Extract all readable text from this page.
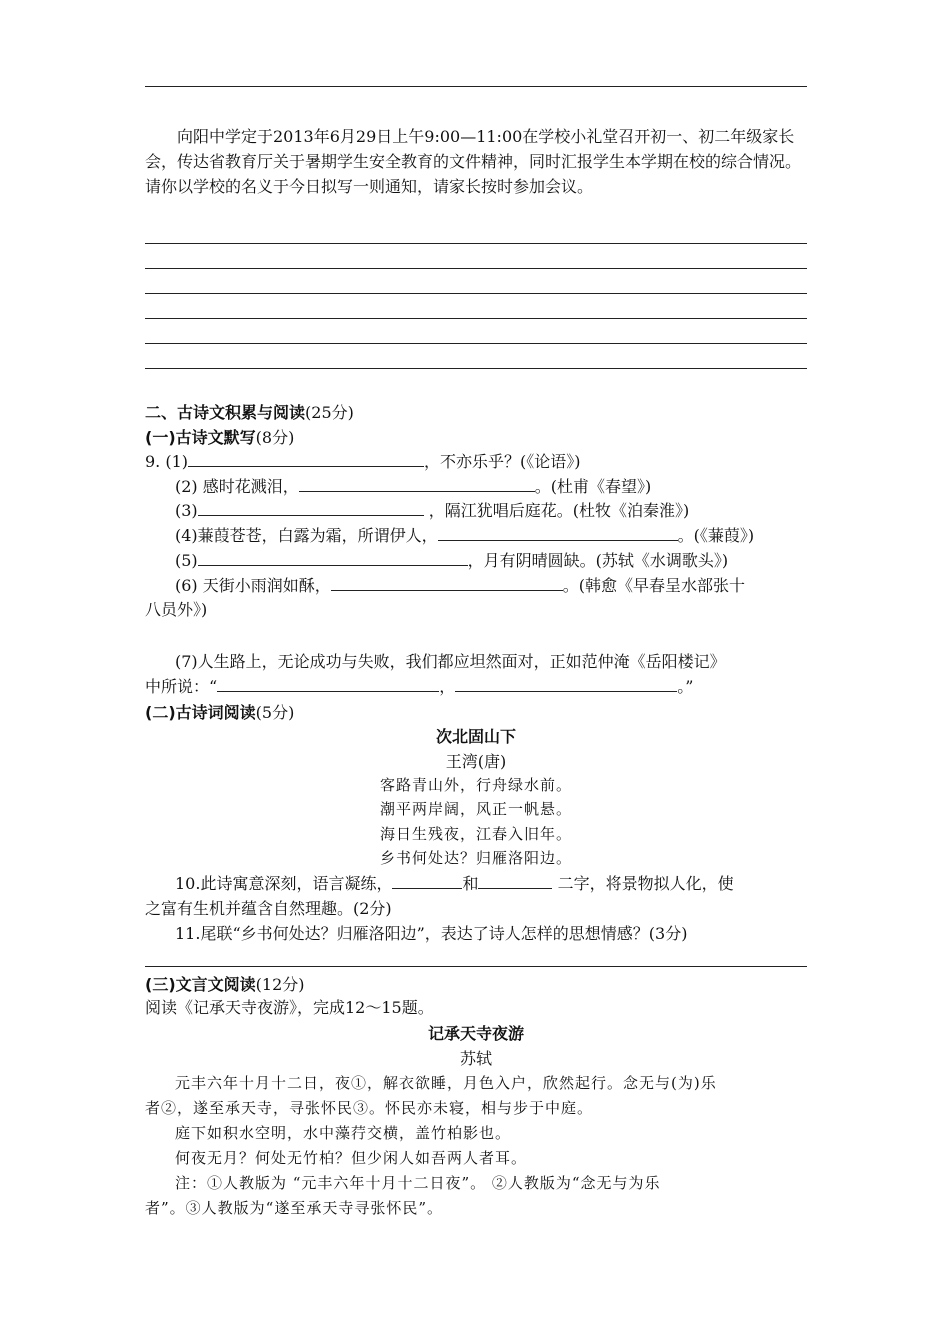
向阳中学定于2013年6月29日上午9:00—11:00在学校小礼堂召开初一、初二年级家长会，传达省教育厅关于暑期学生安全教育的文件精神，同时汇报学生本学期在校的综合情况。请你以学校的名义于今日拟写一则通知，请家长按时参加会议。
二、古诗文积累与阅读(25分)
(一)古诗文默写(8分)
9. (1)	，不亦乐乎？(《论语》)
(2) 感时花溅泪，	。(杜甫《春望》)
(3)	，隔江犹唱后庭花。(杜牧《泊秦淮》)
(4)蒹葭苍苍，白露为霜，所谓伊人，	。(《蒹葭》)
(5)	，月有阴晴圆缺。(苏轼《水调歌头》)
(6) 天街小雨润如酥，	。(韩愈《早春呈水部张十
八员外》)
(7)人生路上，无论成功与失败，我们都应坦然面对，正如范仲淹《岳阳楼记》
中所说：“	，	。”
(二)古诗词阅读(5分)
次北固山下
王湾(唐)
客路青山外，行舟绿水前。
潮平两岸阔，风正一帆悬。
海日生残夜，江春入旧年。
乡书何处达？归雁洛阳边。
10.此诗寓意深刻，语言凝练，	和	二字，将景物拟人化，使
之富有生机并蕴含自然理趣。(2分)
11.尾联“乡书何处达？归雁洛阳边”，表达了诗人怎样的思想情感？(3分)
(三)文言文阅读(12分)
阅读《记承天寺夜游》，完成12～15题。
记承天寺夜游
苏轼
元丰六年十月十二日，夜①，解衣欲睡，月色入户，欣然起行。念无与(为)乐
者②，遂至承天寺，寻张怀民③。怀民亦未寝，相与步于中庭。
庭下如积水空明，水中藻荇交横，盖竹柏影也。
何夜无月？何处无竹柏？但少闲人如吾两人者耳。
注：①人教版为 “元丰六年十月十二日夜”。 ②人教版为“念无与为乐
者”。③人教版为“遂至承天寺寻张怀民”。
